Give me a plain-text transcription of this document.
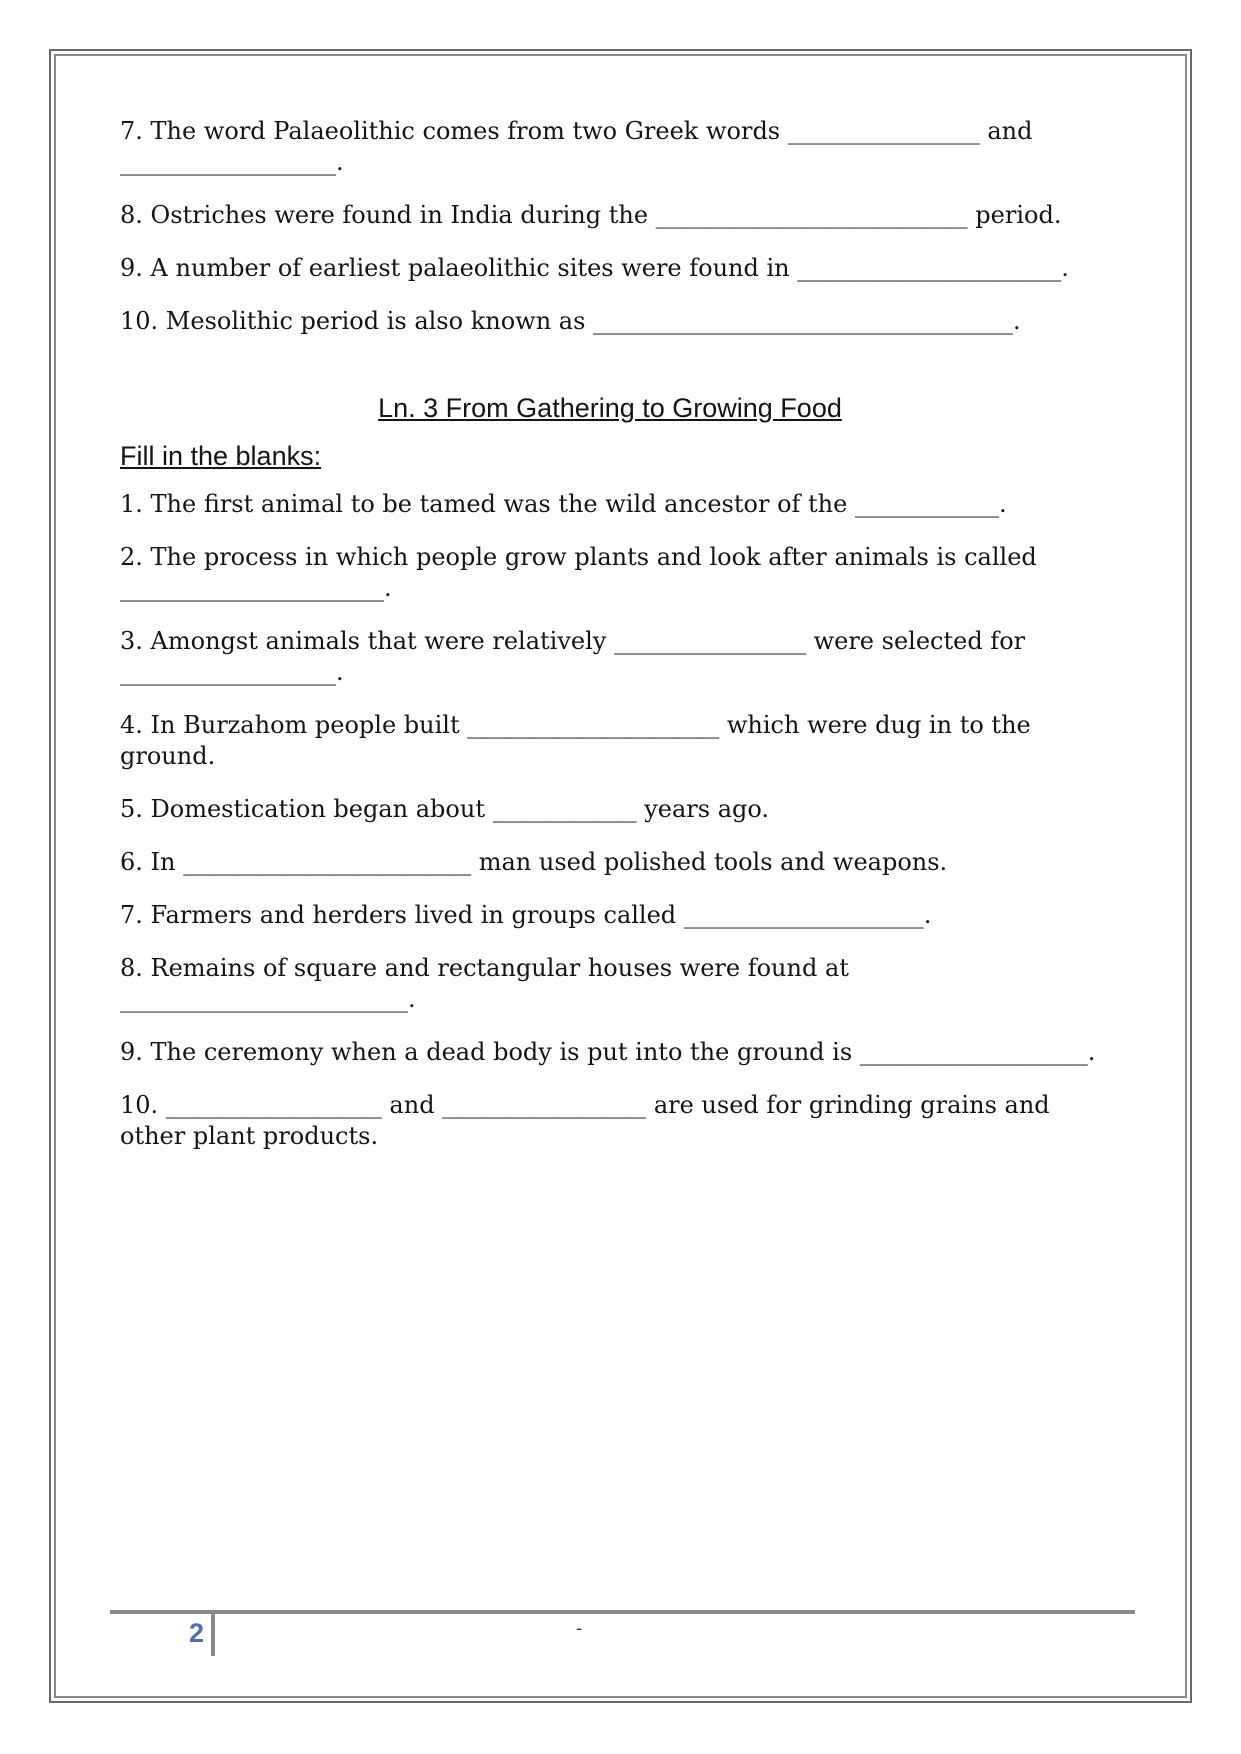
7. The word Palaeolithic comes from two Greek words ________________ and __________________.

8. Ostriches were found in India during the __________________________ period.

9. A number of earliest palaeolithic sites were found in ______________________.

10. Mesolithic period is also known as ___________________________________.

Ln. 3 From Gathering to Growing Food
Fill in the blanks:

1. The first animal to be tamed was the wild ancestor of the ____________.

2. The process in which people grow plants and look after animals is called ______________________.

3. Amongst animals that were relatively ________________ were selected for __________________.

4. In Burzahom people built _____________________ which were dug in to the ground.

5. Domestication began about ____________ years ago.

6. In ________________________ man used polished tools and weapons.

7. Farmers and herders lived in groups called ____________________.

8. Remains of square and rectangular houses were found at ________________________.

9. The ceremony when a dead body is put into the ground is ___________________.

10. __________________ and _________________ are used for grinding grains and other plant products.

2	-
